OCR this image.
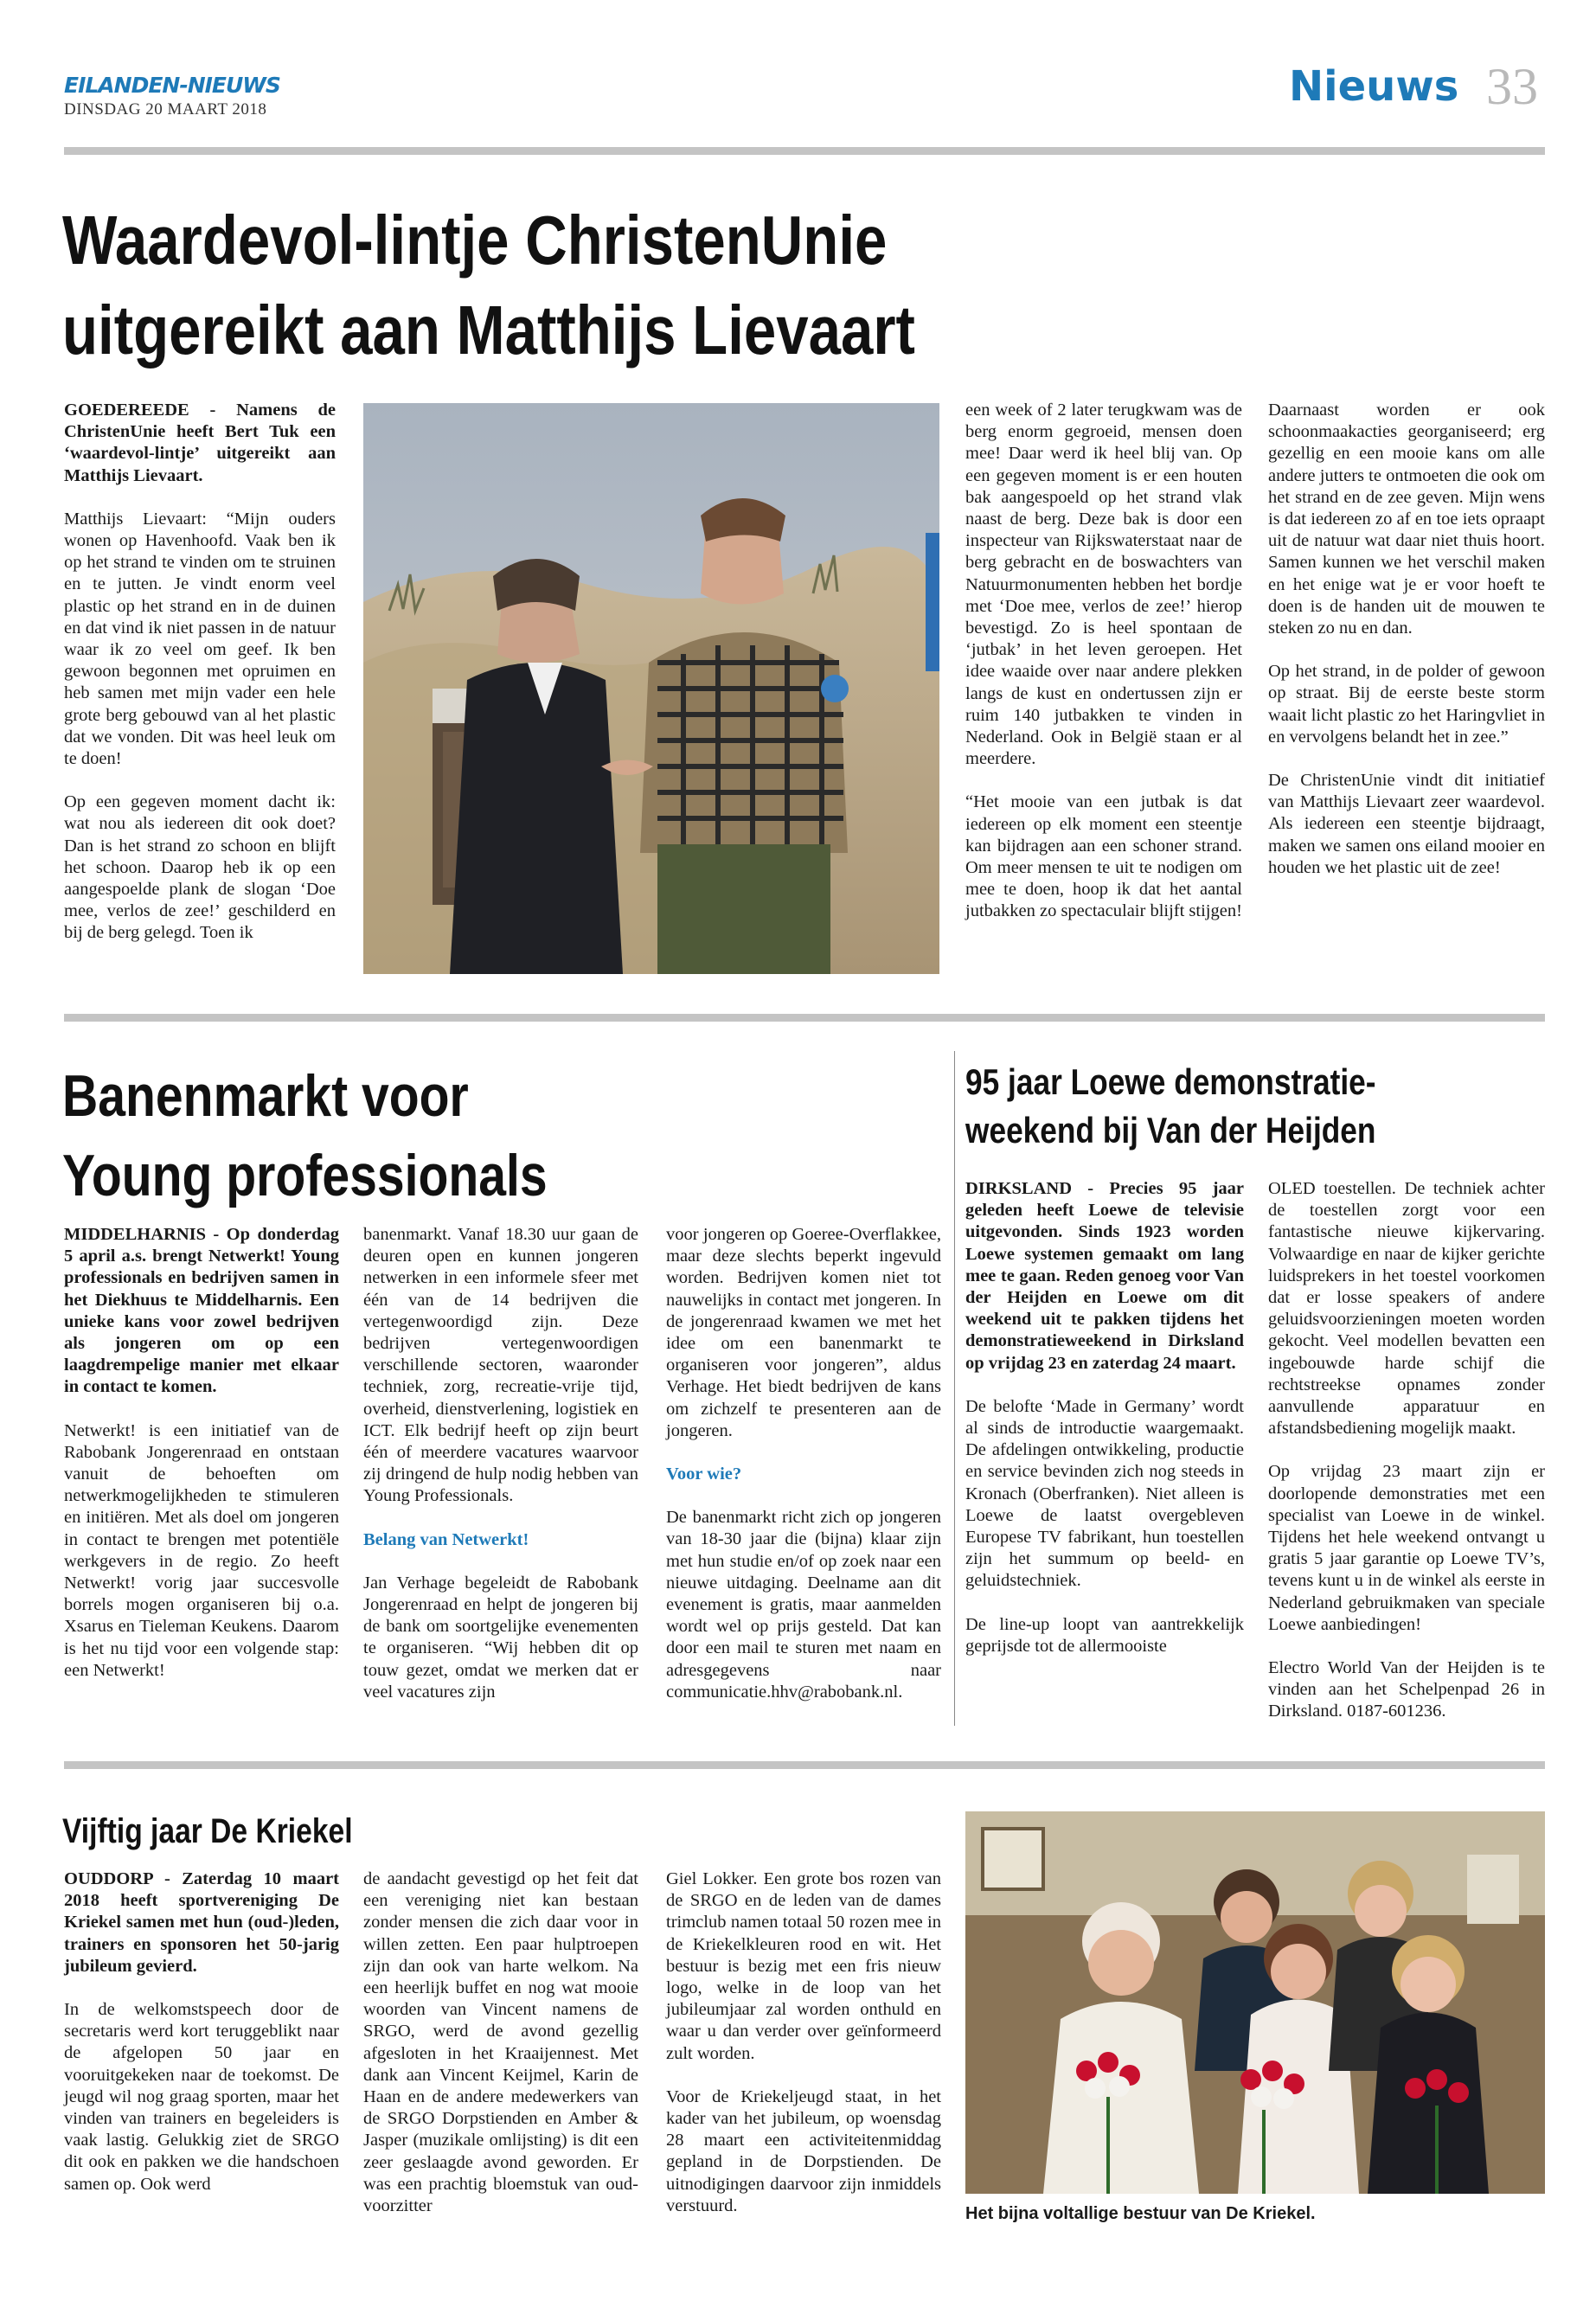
EILANDEN-NIEUWS
DINSDAG 20 MAART 2018	Nieuws 33
Waardevol-lintje ChristenUnie
uitgereikt aan Matthijs Lievaart

GOEDEREEDE - Namens de ChristenUnie heeft Bert Tuk een ‘waardevol-lintje’ uitgereikt aan Matthijs Lievaart.

Matthijs Lievaart: “Mijn ouders wonen op Havenhoofd. Vaak ben ik op het strand te vinden om te struinen en te jutten. Je vindt enorm veel plastic op het strand en in de duinen en dat vind ik niet passen in de natuur waar ik zo veel om geef. Ik ben gewoon begonnen met opruimen en heb samen met mijn vader een hele grote berg gebouwd van al het plastic dat we vonden. Dit was heel leuk om te doen!

Op een gegeven moment dacht ik: wat nou als iedereen dit ook doet? Dan is het strand zo schoon en blijft het schoon. Daarop heb ik op een aangespoelde plank de slogan ‘Doe mee, verlos de zee!’ geschilderd en bij de berg gelegd. Toen ik

een week of 2 later terugkwam was de berg enorm gegroeid, mensen doen mee! Daar werd ik heel blij van. Op een gegeven moment is er een houten bak aangespoeld op het strand vlak naast de berg. Deze bak is door een inspecteur van Rijkswaterstaat naar de berg gebracht en de boswachters van Natuurmonumenten hebben het bordje met ‘Doe mee, verlos de zee!’ hierop bevestigd. Zo is heel spontaan de ‘jutbak’ in het leven geroepen. Het idee waaide over naar andere plekken langs de kust en ondertussen zijn er ruim 140 jutbakken te vinden in Nederland. Ook in België staan er al meerdere.

“Het mooie van een jutbak is dat iedereen op elk moment een steentje kan bijdragen aan een schoner strand. Om meer mensen te uit te nodigen om mee te doen, hoop ik dat het aantal jutbakken zo spectaculair blijft stijgen!

Daarnaast worden er ook schoonmaakacties georganiseerd; erg gezellig en een mooie kans om alle andere jutters te ontmoeten die ook om het strand en de zee geven. Mijn wens is dat iedereen zo af en toe iets opraapt uit de natuur wat daar niet thuis hoort. Samen kunnen we het verschil maken en het enige wat je er voor hoeft te doen is de handen uit de mouwen te steken zo nu en dan.

Op het strand, in de polder of gewoon op straat. Bij de eerste beste storm waait licht plastic zo het Haringvliet in en vervolgens belandt het in zee.”

De ChristenUnie vindt dit initiatief van Matthijs Lievaart zeer waardevol. Als iedereen een steentje bijdraagt, maken we samen ons eiland mooier en houden we het plastic uit de zee!

Banenmarkt voor
Young professionals

MIDDELHARNIS - Op donderdag 5 april a.s. brengt Netwerkt! Young professionals en bedrijven samen in het Diekhuus te Middelharnis. Een unieke kans voor zowel bedrijven als jongeren om op een laagdrempelige manier met elkaar in contact te komen.

Netwerkt! is een initiatief van de Rabobank Jongerenraad en ontstaan vanuit de behoeften om netwerkmogelijkheden te stimuleren en initiëren. Met als doel om jongeren in contact te brengen met potentiële werkgevers in de regio. Zo heeft Netwerkt! vorig jaar succesvolle borrels mogen organiseren bij o.a. Xsarus en Tieleman Keukens. Daarom is het nu tijd voor een volgende stap: een Netwerkt!

banenmarkt. Vanaf 18.30 uur gaan de deuren open en kunnen jongeren netwerken in een informele sfeer met één van de 14 bedrijven die vertegenwoordigd zijn. Deze bedrijven vertegenwoordigen verschillende sectoren, waaronder techniek, zorg, recreatie-vrije tijd, overheid, dienstverlening, logistiek en ICT. Elk bedrijf heeft op zijn beurt één of meerdere vacatures waarvoor zij dringend de hulp nodig hebben van Young Professionals.

Belang van Netwerkt!

Jan Verhage begeleidt de Rabobank Jongerenraad en helpt de jongeren bij de bank om soortgelijke evenementen te organiseren. “Wij hebben dit op touw gezet, omdat we merken dat er veel vacatures zijn

voor jongeren op Goeree-Overflakkee, maar deze slechts beperkt ingevuld worden. Bedrijven komen niet tot nauwelijks in contact met jongeren. In de jongerenraad kwamen we met het idee om een banenmarkt te organiseren voor jongeren”, aldus Verhage. Het biedt bedrijven de kans om zichzelf te presenteren aan de jongeren.

Voor wie?

De banenmarkt richt zich op jongeren van 18-30 jaar die (bijna) klaar zijn met hun studie en/of op zoek naar een nieuwe uitdaging. Deelname aan dit evenement is gratis, maar aanmelden wordt wel op prijs gesteld. Dat kan door een mail te sturen met naam en adresgegevens naar communicatie.hhv@rabobank.nl.

95 jaar Loewe demonstratie-
weekend bij Van der Heijden

DIRKSLAND - Precies 95 jaar geleden heeft Loewe de televisie uitgevonden. Sinds 1923 worden Loewe systemen gemaakt om lang mee te gaan. Reden genoeg voor Van der Heijden en Loewe om dit weekend uit te pakken tijdens het demonstratieweekend in Dirksland op vrijdag 23 en zaterdag 24 maart.

De belofte ‘Made in Germany’ wordt al sinds de introductie waargemaakt. De afdelingen ontwikkeling, productie en service bevinden zich nog steeds in Kronach (Oberfranken). Niet alleen is Loewe de laatst overgebleven Europese TV fabrikant, hun toestellen zijn het summum op beeld- en geluidstechniek.

De line-up loopt van aantrekkelijk geprijsde tot de allermooiste

OLED toestellen. De techniek achter de toestellen zorgt voor een fantastische nieuwe kijkervaring. Volwaardige en naar de kijker gerichte luidsprekers in het toestel voorkomen dat er losse speakers of andere geluidsvoorzieningen moeten worden gekocht. Veel modellen bevatten een ingebouwde harde schijf die rechtstreekse opnames zonder aanvullende apparatuur en afstandsbediening mogelijk maakt.

Op vrijdag 23 maart zijn er doorlopende demonstraties met een specialist van Loewe in de winkel. Tijdens het hele weekend ontvangt u gratis 5 jaar garantie op Loewe TV’s, tevens kunt u in de winkel als eerste in Nederland gebruikmaken van speciale Loewe aanbiedingen!

Electro World Van der Heijden is te vinden aan het Schelpenpad 26 in Dirksland. 0187-601236.

Vijftig jaar De Kriekel

OUDDORP - Zaterdag 10 maart 2018 heeft sportvereniging De Kriekel samen met hun (oud-)leden, trainers en sponsoren het 50-jarig jubileum gevierd.

In de welkomstspeech door de secretaris werd kort teruggeblikt naar de afgelopen 50 jaar en vooruitgekeken naar de toekomst. De jeugd wil nog graag sporten, maar het vinden van trainers en begeleiders is vaak lastig. Gelukkig ziet de SRGO dit ook en pakken we die handschoen samen op. Ook werd

de aandacht gevestigd op het feit dat een vereniging niet kan bestaan zonder mensen die zich daar voor in willen zetten. Een paar hulptroepen zijn dan ook van harte welkom. Na een heerlijk buffet en nog wat mooie woorden van Vincent namens de SRGO, werd de avond gezellig afgesloten in het Kraaijennest. Met dank aan Vincent Keijmel, Karin de Haan en de andere medewerkers van de SRGO Dorpstienden en Amber & Jasper (muzikale omlijsting) is dit een zeer geslaagde avond geworden. Er was een prachtig bloemstuk van oud-voorzitter

Giel Lokker. Een grote bos rozen van de SRGO en de leden van de dames trimclub namen totaal 50 rozen mee in de Kriekelkleuren rood en wit. Het bestuur is bezig met een fris nieuw logo, welke in de loop van het jubileumjaar zal worden onthuld en waar u dan verder over geïnformeerd zult worden.

Voor de Kriekeljeugd staat, in het kader van het jubileum, op woensdag 28 maart een activiteitenmiddag gepland in de Dorpstienden. De uitnodigingen daarvoor zijn inmiddels verstuurd.	Het bijna voltallige bestuur van De Kriekel.
